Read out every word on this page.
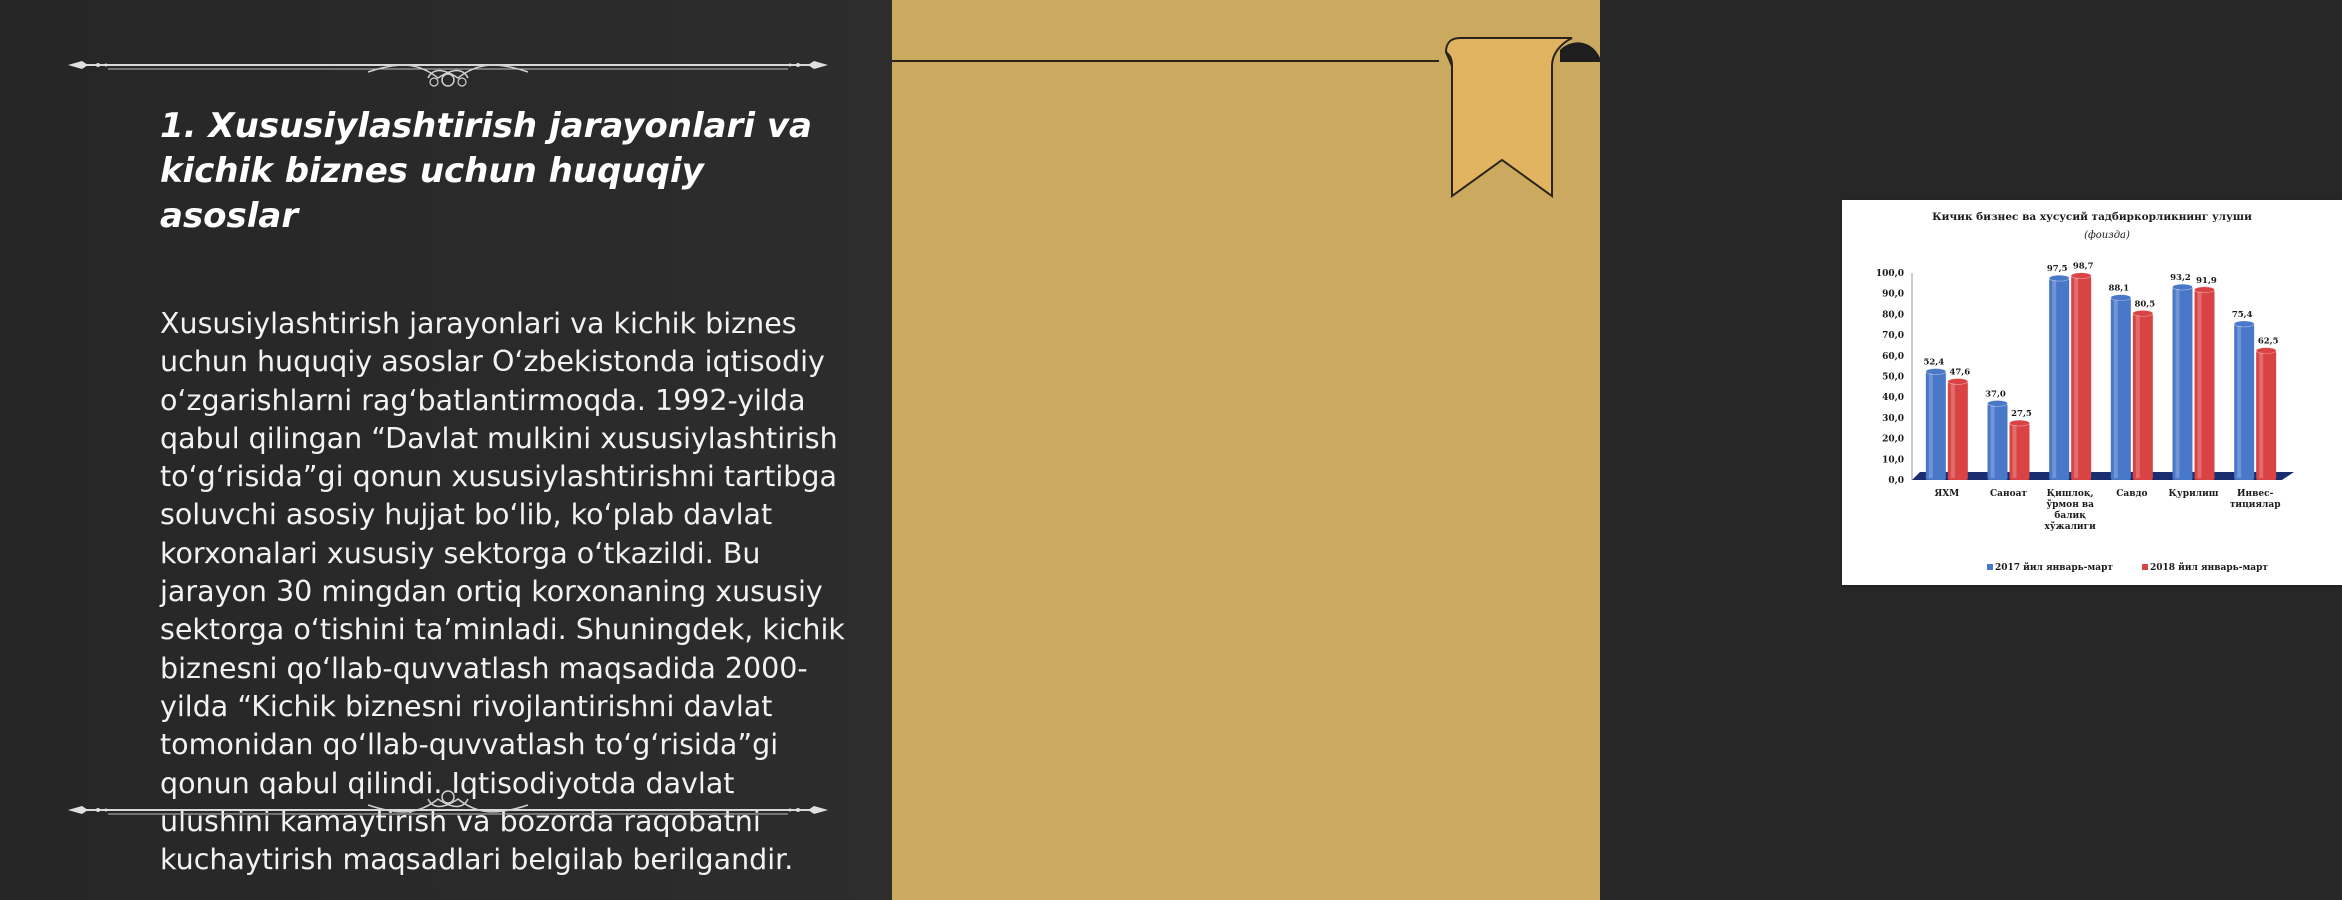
1. Xususiylashtirish jarayonlari va kichik biznes uchun huquqiy asoslar

Xususiylashtirish jarayonlari va kichik biznes uchun huquqiy asoslar O‘zbekistonda iqtisodiy o‘zgarishlarni rag‘batlantirmoqda. 1992-yilda qabul qilingan “Davlat mulkini xususiylashtirish to‘g‘risida”gi qonun xususiylashtirishni tartibga soluvchi asosiy hujjat bo‘lib, ko‘plab davlat korxonalari xususiy sektorga o‘tkazildi. Bu jarayon 30 mingdan ortiq korxonaning xususiy sektorga o‘tishini ta’minladi. Shuningdek, kichik biznesni qo‘llab-quvvatlash maqsadida 2000-yilda “Kichik biznesni rivojlantirishni davlat tomonidan qo‘llab-quvvatlash to‘g‘risida”gi qonun qabul qilindi. Iqtisodiyotda davlat ulushini kamaytirish va bozorda raqobatni kuchaytirish maqsadlari belgilab berilgandir.

Кичик бизнес ва хусусий тадбиркорликнинг улуши
(фоизда)
0,0
10,0
20,0
30,0
40,0
50,0
60,0
70,0
80,0
90,0
100,0
52,4
47,6
37,0
27,5
97,5 98,7
88,1
80,5
93,2 91,9
75,4
62,5
ЯХМ	Саноат Қишлоқ, ўрмон ва балиқ хўжалиги
Савдо Қурилиш	Инвес-тициялар
2017 йил январь-март	2018 йил январь-март
